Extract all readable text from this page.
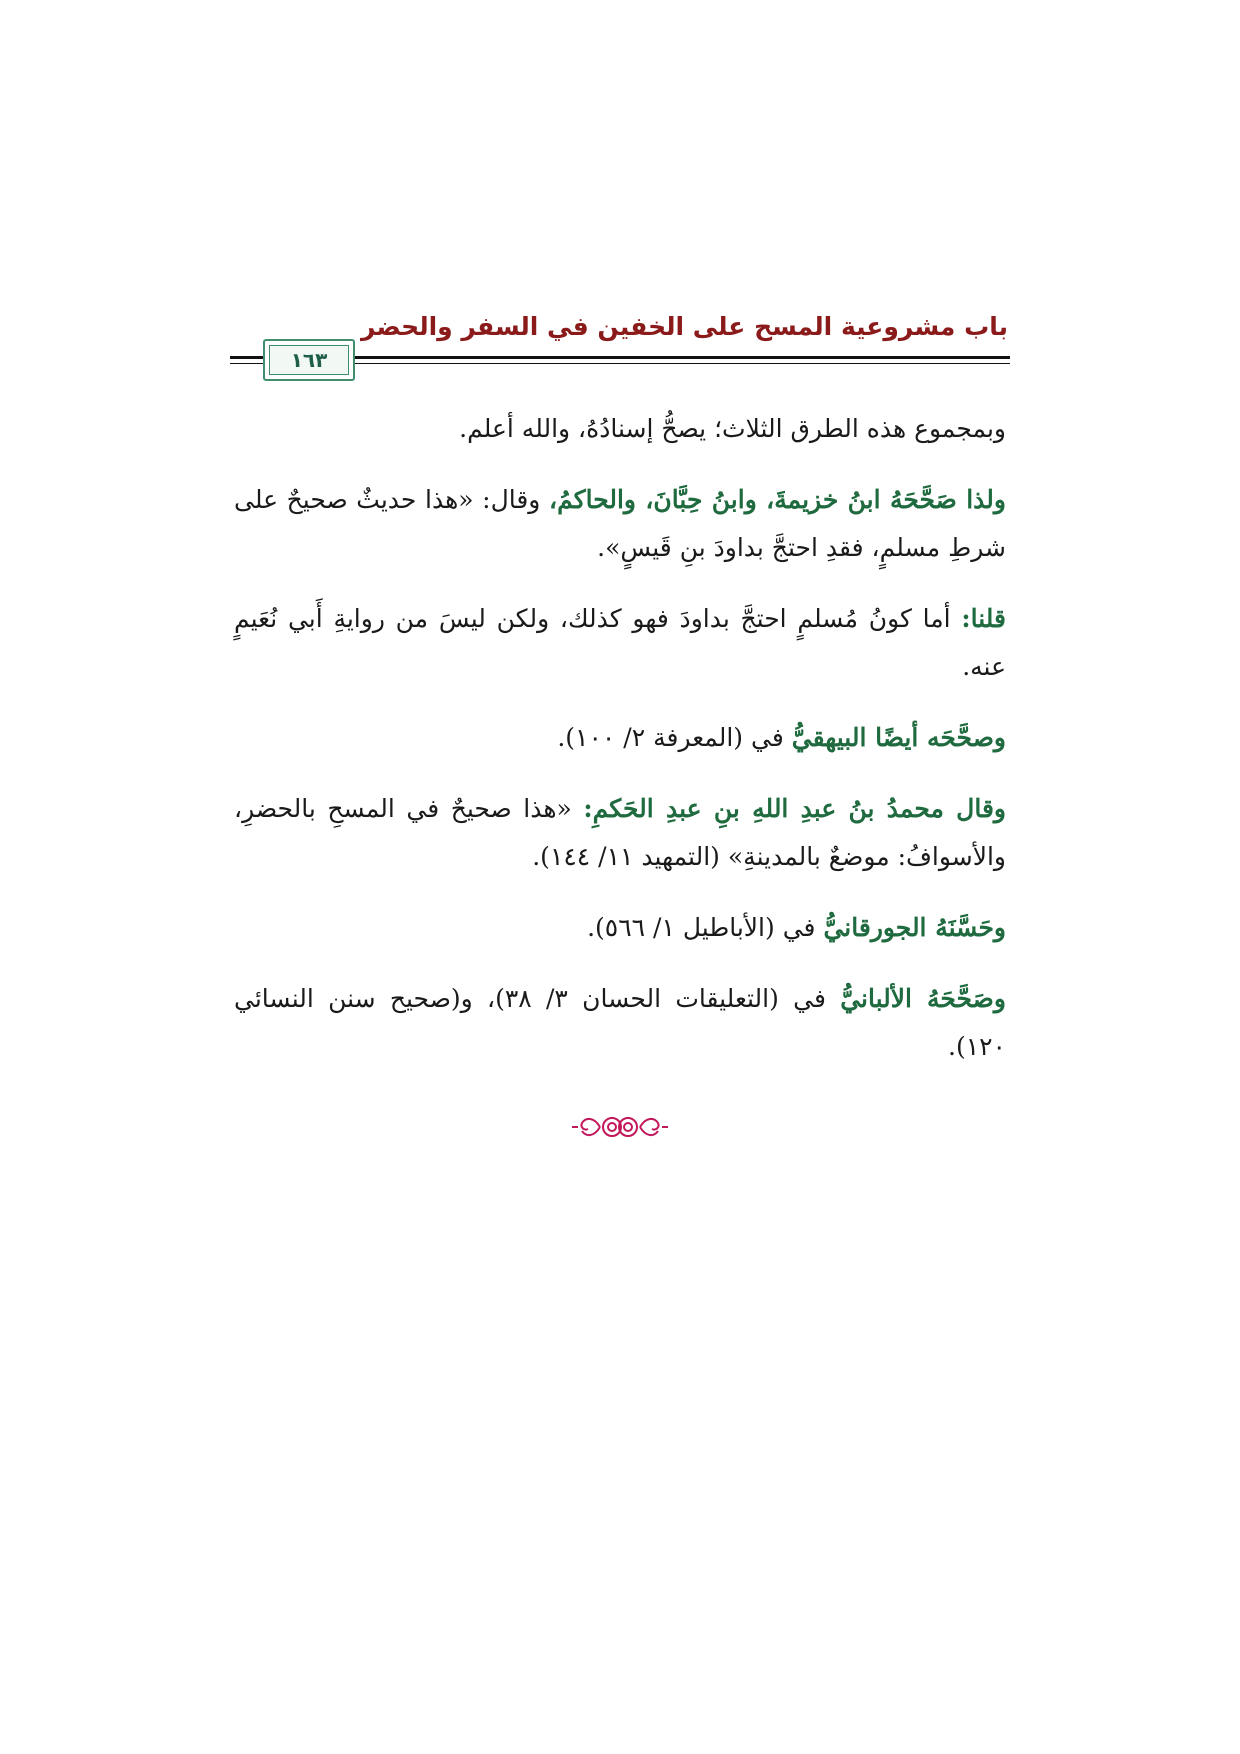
باب مشروعية المسح على الخفين في السفر والحضر
١٦٣

وبمجموع هذه الطرق الثلاث؛ يصحُّ إسنادُهُ، والله أعلم.

ولذا صَحَّحَهُ ابنُ خزيمةَ، وابنُ حِبَّانَ، والحاكمُ، وقال: «هذا حديثٌ صحيحٌ على شرطِ مسلمٍ، فقدِ احتجَّ بداودَ بنِ قَيسٍ».

قلنا: أما كونُ مُسلمٍ احتجَّ بداودَ فهو كذلك، ولكن ليسَ من روايةِ أَبي نُعَيمٍ عنه.

وصحَّحَه أيضًا البيهقيُّ في (المعرفة ٢/ ١٠٠).

وقال محمدُ بنُ عبدِ اللهِ بنِ عبدِ الحَكمِ: «هذا صحيحٌ في المسحِ بالحضرِ، والأسوافُ: موضعٌ بالمدينةِ» (التمهيد ١١/ ١٤٤).

وحَسَّنَهُ الجورقانيُّ في (الأباطيل ١/ ٥٦٦).

وصَحَّحَهُ الألبانيُّ في (التعليقات الحسان ٣/ ٣٨)، و(صحيح سنن النسائي ١٢٠).
